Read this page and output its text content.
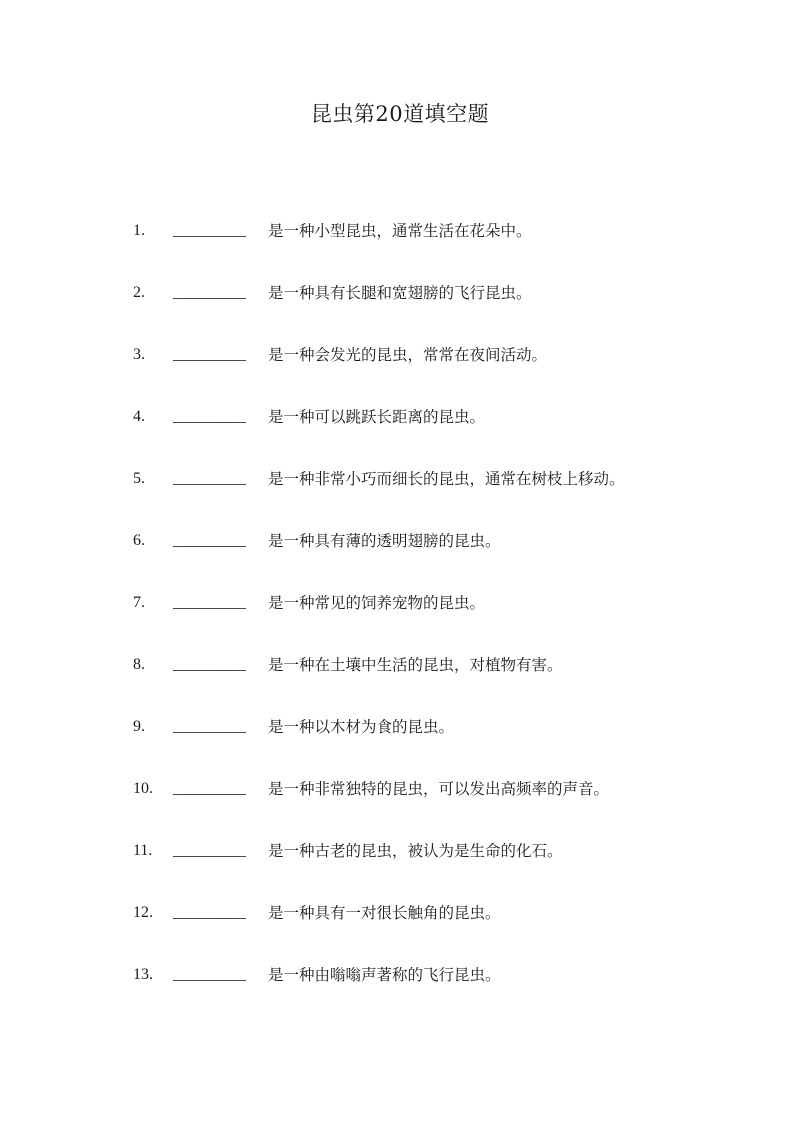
昆虫第20道填空题
1. __________ 是一种小型昆虫，通常生活在花朵中。
2. __________ 是一种具有长腿和宽翅膀的飞行昆虫。
3. __________ 是一种会发光的昆虫，常常在夜间活动。
4. __________ 是一种可以跳跃长距离的昆虫。
5. __________ 是一种非常小巧而细长的昆虫，通常在树枝上移动。
6. __________ 是一种具有薄的透明翅膀的昆虫。
7. __________ 是一种常见的饲养宠物的昆虫。
8. __________ 是一种在土壤中生活的昆虫，对植物有害。
9. __________ 是一种以木材为食的昆虫。
10. __________ 是一种非常独特的昆虫，可以发出高频率的声音。
11. __________ 是一种古老的昆虫，被认为是生命的化石。
12. __________ 是一种具有一对很长触角的昆虫。
13. __________ 是一种由嗡嗡声著称的飞行昆虫。
